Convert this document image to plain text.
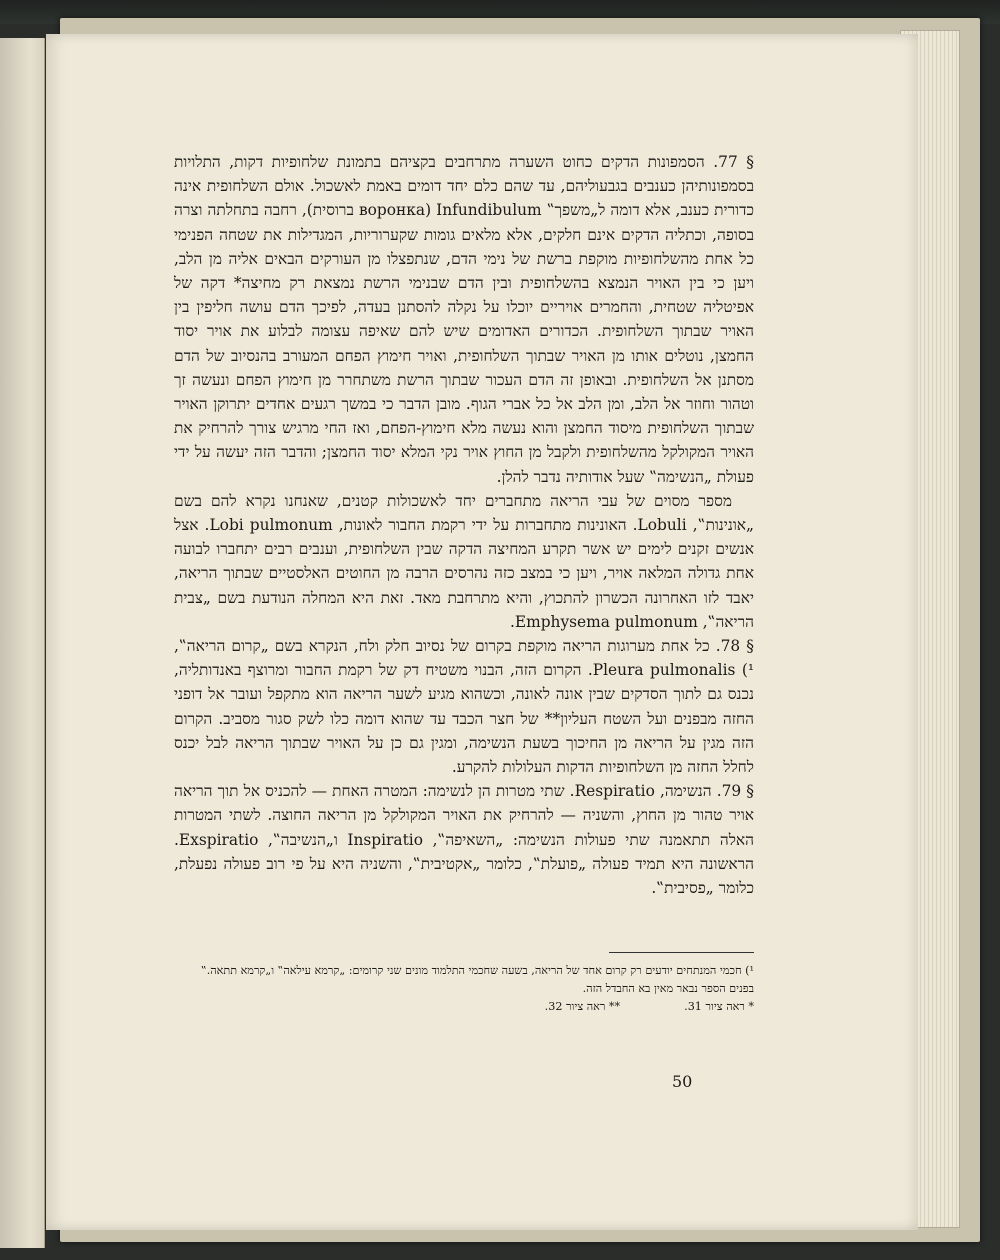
§ 77. הסמפונות הדקים כחוט השערה מתרחבים בקציהם בתמונת שלחופיות דקות, התלויות בסמפונותיהן כענבים בגבעוליהם, עד שהם כלם יחד דומים באמת לאשכול. אולם השלחופית אינה כדורית כענב, אלא דומה ל„משפך‟ Infundibulum (воронка ברוסית), רחבה בתחלתה וצרה בסופה, וכתליה הדקים אינם חלקים, אלא מלאים גומות שקערוריות, המגדילות את שטחה הפנימי כל אחת מהשלחופיות מוקפת ברשת של נימי הדם, שנתפצלו מן העורקים הבאים אליה מן הלב, ויען כי בין האויר הנמצא בהשלחופית ובין הדם שבנימי הרשת נמצאת רק מחיצה* דקה של אפיטליה שטחית, והחמרים אויריים יוכלו על נקלה להסתנן בעדה, לפיכך הדם עושה חליפין בין האויר שבתוך השלחופית. הכדורים האדומים שיש להם שאיפה עצומה לבלוע את אויר יסוד החמצן, נוטלים אותו מן האויר שבתוך השלחופית, ואויר חימוץ הפחם המעורב בהנסיוב של הדם מסתנן אל השלחופית. ובאופן זה הדם העכור שבתוך הרשת משתחרר מן חימוץ הפחם ונעשה זך וטהור וחוזר אל הלב, ומן הלב אל כל אברי הגוף. מובן הדבר כי במשך רגעים אחדים יתרוקן האויר שבתוך השלחופית מיסוד החמצן והוא נעשה מלא חימוץ-הפחם, ואז החי מרגיש צורך להרחיק את האויר המקולקל מהשלחופית ולקבל מן החוץ אויר נקי המלא יסוד החמצן; והדבר הזה יעשה על ידי פעולת „הנשימה‟ שעל אודותיה נדבר להלן.

מספר מסוים של עבי הריאה מתחברים יחד לאשכולות קטנים, שאנחנו נקרא להם בשם „אונינות‟, Lobuli. האונינות מתחברות על ידי רקמת החבור לאונות, Lobi pulmonum. אצל אנשים זקנים לימים יש אשר תקרע המחיצה הדקה שבין השלחופית, וענבים רבים יתחברו לבועה אחת גדולה המלאה אויר, ויען כי במצב כזה נהרסים הרבה מן החוטים האלסטיים שבתוך הריאה, יאבד לזו האחרונה הכשרון להתכוץ, והיא מתרחבת מאד. זאת היא המחלה הנודעת בשם „צבית הריאה‟, Emphysema pulmonum.

§ 78. כל אחת מערוגות הריאה מוקפת בקרום של נסיוב חלק ולח, הנקרא בשם „קרום הריאה‟, Pleura pulmonalis (¹. הקרום הזה, הבנוי משטיח דק של רקמת החבור ומרוצף באנדותליה, נכנס גם לתוך הסדקים שבין אונה לאונה, וכשהוא מגיע לשער הריאה הוא מתקפל ועובר אל דופני החזה מבפנים ועל השטח העליון** של חצר הכבד עד שהוא דומה כלו לשק סגור מסביב. הקרום הזה מגין על הריאה מן החיכוך בשעת הנשימה, ומגין גם כן על האויר שבתוך הריאה לבל יכנס לחלל החזה מן השלחופיות הדקות העלולות להקרע.

§ 79. הנשימה, Respiratio. שתי מטרות הן לנשימה: המטרה האחת — להכניס אל תוך הריאה אויר טהור מן החוץ, והשניה — להרחיק את האויר המקולקל מן הריאה החוצה. לשתי המטרות האלה תתאמנה שתי פעולות הנשימה: „השאיפה‟, Inspiratio ו„הנשיבה‟, Exspiratio. הראשונה היא תמיד פעולה „פועלת‟, כלומר „אקטיבית‟, והשניה היא על פי רוב פעולה נפעלת, כלומר „פסיבית‟.

¹) חכמי המנתחים יודעים רק קרום אחד של הריאה, בשעה שחכמי התלמוד מונים שני קרומים: „קרמא עילאה‟ ו„קרמא תתאה.‟ בפנים הספר נבאר מאין בא החבדל הזה.

* ראה ציור 31.
** ראה ציור 32.
50
